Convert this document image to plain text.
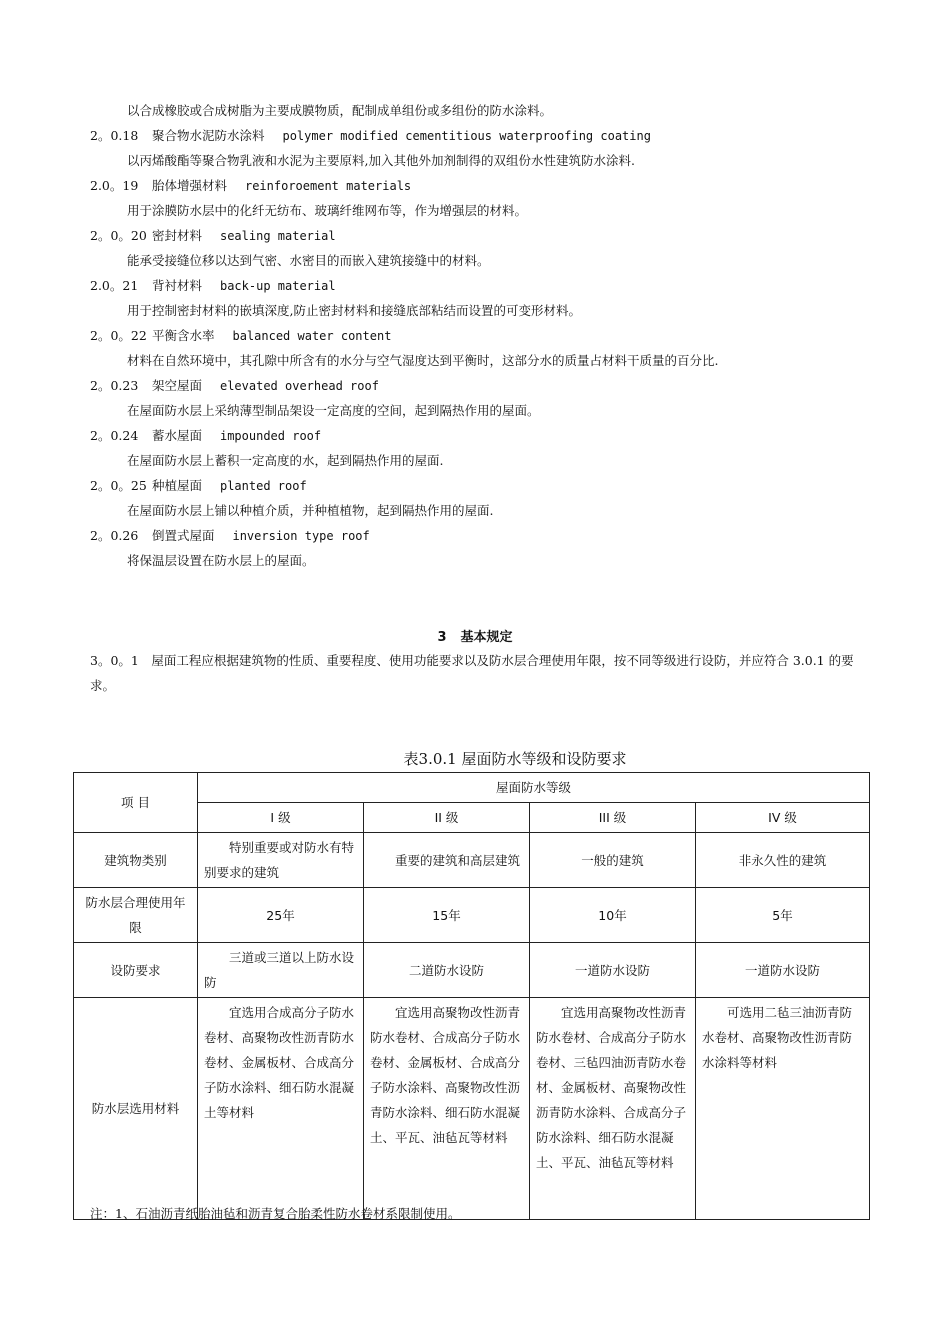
以合成橡胶或合成树脂为主要成膜物质，配制成单组份或多组份的防水涂料。
2。0.18 聚合物水泥防水涂料 polymer modified cementitious waterproofing coating
以丙烯酸酯等聚合物乳液和水泥为主要原料,加入其他外加剂制得的双组份水性建筑防水涂料.
2.0。19 胎体增强材料 reinforoement materials
用于涂膜防水层中的化纤无纺布、玻璃纤维网布等，作为增强层的材料。
2。0。20 密封材料 sealing material
能承受接缝位移以达到气密、水密目的而嵌入建筑接缝中的材料。
2.0。21 背衬材料 back-up material
用于控制密封材料的嵌填深度,防止密封材料和接缝底部粘结而设置的可变形材料。
2。0。22 平衡含水率 balanced water content
材料在自然环境中，其孔隙中所含有的水分与空气湿度达到平衡时，这部分水的质量占材料干质量的百分比.
2。0.23 架空屋面 elevated overhead roof
在屋面防水层上采纳薄型制品架设一定高度的空间，起到隔热作用的屋面。
2。0.24 蓄水屋面 impounded roof
在屋面防水层上蓄积一定高度的水，起到隔热作用的屋面.
2。0。25 种植屋面 planted roof
在屋面防水层上铺以种植介质，并种植植物，起到隔热作用的屋面.
2。0.26 倒置式屋面 inversion type roof
将保温层设置在防水层上的屋面。
3 基本规定
3。0。1　屋面工程应根据建筑物的性质、重要程度、使用功能要求以及防水层合理使用年限，按不同等级进行设防，并应符合 3.0.1 的要求。
表3.0.1 屋面防水等级和设防要求
项 目	屋面防水等级			
	I 级	II 级	III 级	IV 级
建筑物类别	特别重要或对防水有特别要求的建筑	重要的建筑和高层建筑	一般的建筑	非永久性的建筑
防水层合理使用年限	25年	15年	10年	5年
设防要求	三道或三道以上防水设防	二道防水设防	一道防水设防	一道防水设防
防水层选用材料	宜选用合成高分子防水卷材、高聚物改性沥青防水卷材、金属板材、合成高分子防水涂料、细石防水混凝土等材料	宜选用高聚物改性沥青防水卷材、合成高分子防水卷材、金属板材、合成高分子防水涂料、高聚物改性沥青防水涂料、细石防水混凝土、平瓦、油毡瓦等材料	宜选用高聚物改性沥青防水卷材、合成高分子防水卷材、三毡四油沥青防水卷材、金属板材、高聚物改性沥青防水涂料、合成高分子防水涂料、细石防水混凝土、平瓦、油毡瓦等材料	可选用二毡三油沥青防水卷材、高聚物改性沥青防水涂料等材料
注：1、石油沥青纸胎油毡和沥青复合胎柔性防水卷材系限制使用。
